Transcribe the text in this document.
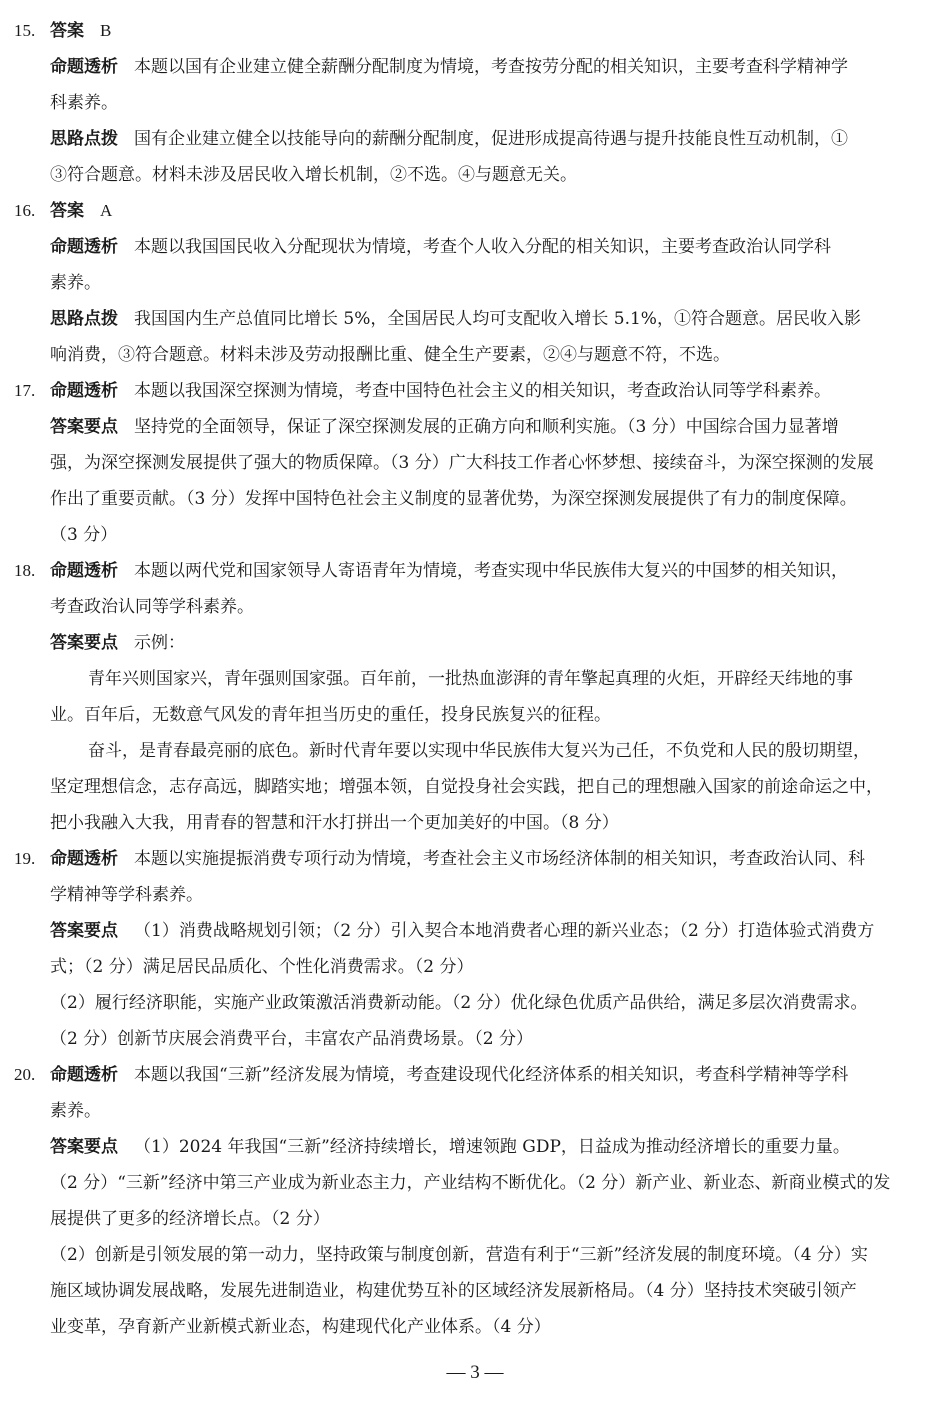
15. 答案 B
命题透析 本题以国有企业建立健全薪酬分配制度为情境，考查按劳分配的相关知识，主要考查科学精神学
科素养。
思路点拨 国有企业建立健全以技能导向的薪酬分配制度，促进形成提高待遇与提升技能良性互动机制，①
③符合题意。材料未涉及居民收入增长机制，②不选。④与题意无关。
16. 答案 A
命题透析 本题以我国国民收入分配现状为情境，考查个人收入分配的相关知识，主要考查政治认同学科
素养。
思路点拨 我国国内生产总值同比增长 5%，全国居民人均可支配收入增长 5.1%，①符合题意。居民收入影
响消费，③符合题意。材料未涉及劳动报酬比重、健全生产要素，②④与题意不符，不选。
17. 命题透析 本题以我国深空探测为情境，考查中国特色社会主义的相关知识，考查政治认同等学科素养。
答案要点 坚持党的全面领导，保证了深空探测发展的正确方向和顺利实施。（3 分）中国综合国力显著增
强，为深空探测发展提供了强大的物质保障。（3 分）广大科技工作者心怀梦想、接续奋斗，为深空探测的发展
作出了重要贡献。（3 分）发挥中国特色社会主义制度的显著优势，为深空探测发展提供了有力的制度保障。
（3 分）
18. 命题透析 本题以两代党和国家领导人寄语青年为情境，考查实现中华民族伟大复兴的中国梦的相关知识，
考查政治认同等学科素养。
答案要点 示例：
青年兴则国家兴，青年强则国家强。百年前，一批热血澎湃的青年擎起真理的火炬，开辟经天纬地的事
业。百年后，无数意气风发的青年担当历史的重任，投身民族复兴的征程。
奋斗，是青春最亮丽的底色。新时代青年要以实现中华民族伟大复兴为己任，不负党和人民的殷切期望，
坚定理想信念，志存高远，脚踏实地；增强本领，自觉投身社会实践，把自己的理想融入国家的前途命运之中，
把小我融入大我，用青春的智慧和汗水打拼出一个更加美好的中国。（8 分）
19. 命题透析 本题以实施提振消费专项行动为情境，考查社会主义市场经济体制的相关知识，考查政治认同、科
学精神等学科素养。
答案要点 （1）消费战略规划引领；（2 分）引入契合本地消费者心理的新兴业态；（2 分）打造体验式消费方
式；（2 分）满足居民品质化、个性化消费需求。（2 分）
（2）履行经济职能，实施产业政策激活消费新动能。（2 分）优化绿色优质产品供给，满足多层次消费需求。
（2 分）创新节庆展会消费平台，丰富农产品消费场景。（2 分）
20. 命题透析 本题以我国“三新”经济发展为情境，考查建设现代化经济体系的相关知识，考查科学精神等学科
素养。
答案要点 （1）2024 年我国“三新”经济持续增长，增速领跑 GDP，日益成为推动经济增长的重要力量。
（2 分）“三新”经济中第三产业成为新业态主力，产业结构不断优化。（2 分）新产业、新业态、新商业模式的发
展提供了更多的经济增长点。（2 分）
（2）创新是引领发展的第一动力，坚持政策与制度创新，营造有利于“三新”经济发展的制度环境。（4 分）实
施区域协调发展战略，发展先进制造业，构建优势互补的区域经济发展新格局。（4 分）坚持技术突破引领产
业变革，孕育新产业新模式新业态，构建现代化产业体系。（4 分）
— 3 —
